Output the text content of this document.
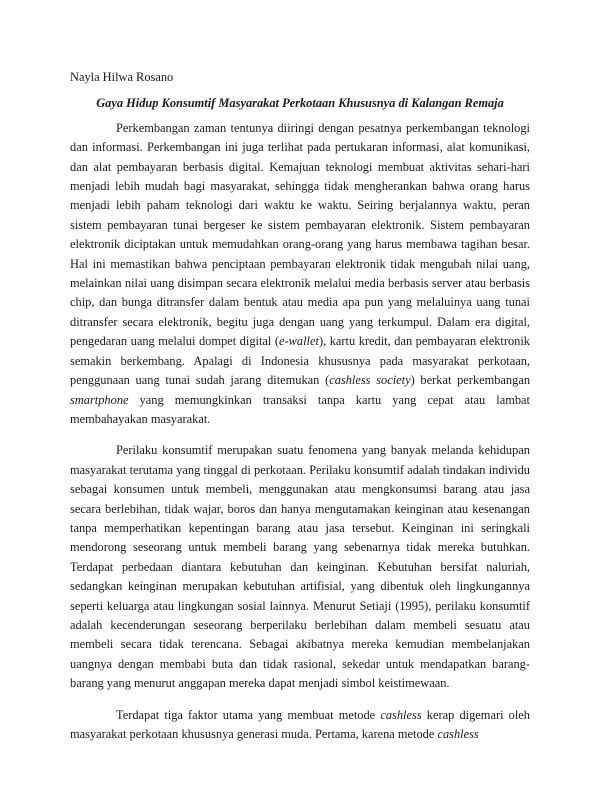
Nayla Hilwa Rosano

Gaya Hidup Konsumtif Masyarakat Perkotaan Khususnya di Kalangan Remaja

Perkembangan zaman tentunya diiringi dengan pesatnya perkembangan teknologi dan informasi. Perkembangan ini juga terlihat pada pertukaran informasi, alat komunikasi, dan alat pembayaran berbasis digital. Kemajuan teknologi membuat aktivitas sehari-hari menjadi lebih mudah bagi masyarakat, sehingga tidak mengherankan bahwa orang harus menjadi lebih paham teknologi dari waktu ke waktu. Seiring berjalannya waktu, peran sistem pembayaran tunai bergeser ke sistem pembayaran elektronik. Sistem pembayaran elektronik diciptakan untuk memudahkan orang-orang yang harus membawa tagihan besar. Hal ini memastikan bahwa penciptaan pembayaran elektronik tidak mengubah nilai uang, melainkan nilai uang disimpan secara elektronik melalui media berbasis server atau berbasis chip, dan bunga ditransfer dalam bentuk atau media apa pun yang melaluinya uang tunai ditransfer secara elektronik, begitu juga dengan uang yang terkumpul. Dalam era digital, pengedaran uang melalui dompet digital (e-wallet), kartu kredit, dan pembayaran elektronik semakin berkembang. Apalagi di Indonesia khususnya pada masyarakat perkotaan, penggunaan uang tunai sudah jarang ditemukan (cashless society) berkat perkembangan smartphone yang memungkinkan transaksi tanpa kartu yang cepat atau lambat membahayakan masyarakat.

Perilaku konsumtif merupakan suatu fenomena yang banyak melanda kehidupan masyarakat terutama yang tinggal di perkotaan. Perilaku konsumtif adalah tindakan individu sebagai konsumen untuk membeli, menggunakan atau mengkonsumsi barang atau jasa secara berlebihan, tidak wajar, boros dan hanya mengutamakan keinginan atau kesenangan tanpa memperhatikan kepentingan barang atau jasa tersebut. Keinginan ini seringkali mendorong seseorang untuk membeli barang yang sebenarnya tidak mereka butuhkan. Terdapat perbedaan diantara kebutuhan dan keinginan. Kebutuhan bersifat naluriah, sedangkan keinginan merupakan kebutuhan artifisial, yang dibentuk oleh lingkungannya seperti keluarga atau lingkungan sosial lainnya. Menurut Setiaji (1995), perilaku konsumtif adalah kecenderungan seseorang berperilaku berlebihan dalam membeli sesuatu atau membeli secara tidak terencana. Sebagai akibatnya mereka kemudian membelanjakan uangnya dengan membabi buta dan tidak rasional, sekedar untuk mendapatkan barang-barang yang menurut anggapan mereka dapat menjadi simbol keistimewaan.

Terdapat tiga faktor utama yang membuat metode cashless kerap digemari oleh masyarakat perkotaan khususnya generasi muda. Pertama, karena metode cashless
